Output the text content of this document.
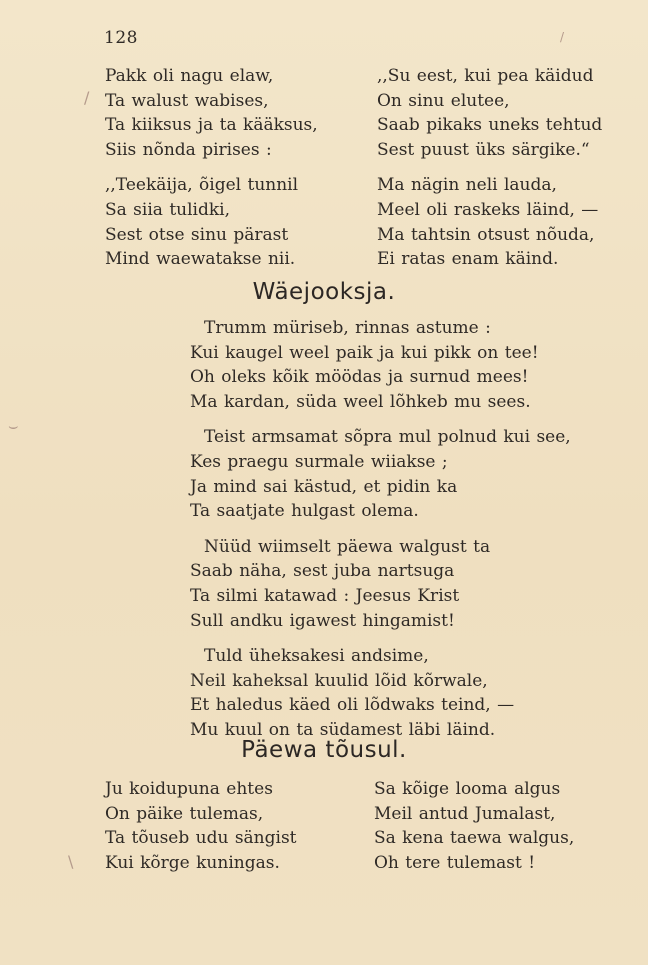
128
/
⌣
\
/
Pakk oli nagu elaw,
Ta walust wabises,
Ta kiiksus ja ta kääksus,
Siis nõnda pirises :
,,Teekäija, õigel tunnil
Sa siia tulidki,
Sest otse sinu pärast
Mind waewatakse nii.
,,Su eest, kui pea käidud
On sinu elutee,
Saab pikaks uneks tehtud
Sest puust üks särgike.“
Ma nägin neli lauda,
Meel oli raskeks läind, —
Ma tahtsin otsust nõuda,
Ei ratas enam käind.
Wäejooksja.
Trumm müriseb, rinnas astume :
Kui kaugel weel paik ja kui pikk on tee!
Oh oleks kõik möödas ja surnud mees!
Ma kardan, süda weel lõhkeb mu sees.
Teist armsamat sõpra mul polnud kui see,
Kes praegu surmale wiiakse ;
Ja mind sai kästud, et pidin ka
Ta saatjate hulgast olema.
Nüüd wiimselt päewa walgust ta
Saab näha, sest juba nartsuga
Ta silmi katawad : Jeesus Krist
Sull andku igawest hingamist!
Tuld üheksakesi andsime,
Neil kaheksal kuulid lõid kõrwale,
Et haledus käed oli lõdwaks teind, —
Mu kuul on ta südamest läbi läind.
Päewa tõusul.
Ju koidupuna ehtes
On päike tulemas,
Ta tõuseb udu sängist
Kui kõrge kuningas.
Sa kõige looma algus
Meil antud Jumalast,
Sa kena taewa walgus,
Oh tere tulemast !
